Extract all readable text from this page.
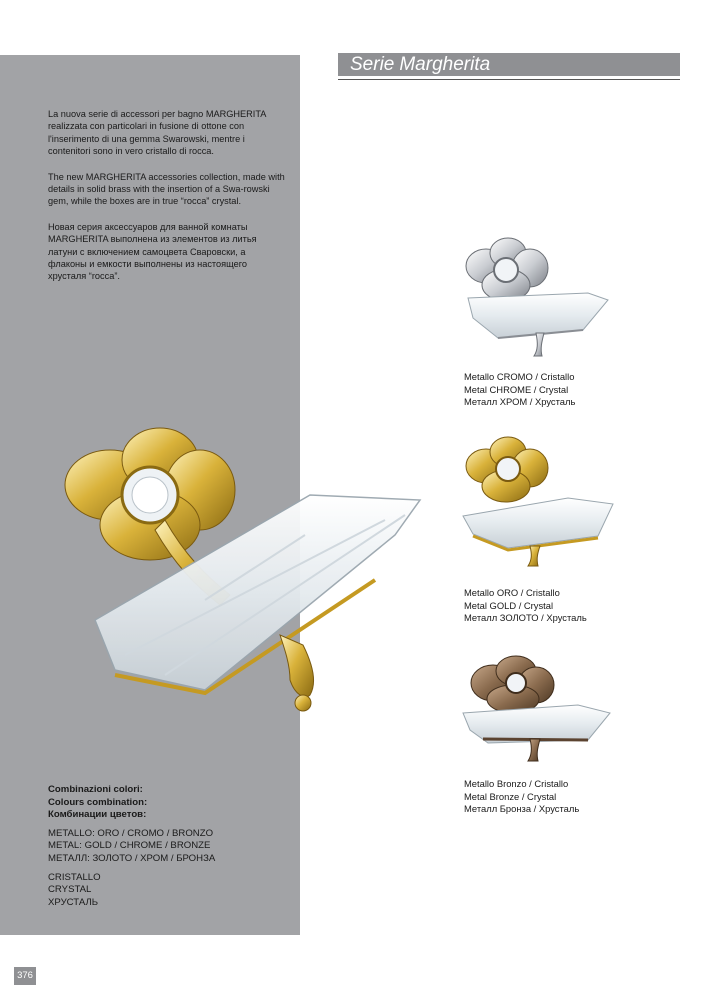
Serie Margherita

La nuova serie di accessori per bagno MARGHERITA realizzata con particolari in fusione di ottone con l'inserimento di una gemma Swarowski, mentre i contenitori sono in vero cristallo di rocca.

The new MARGHERITA accessories collection, made with details in solid brass with the insertion of a Swa-rowski gem, while the boxes are in true “rocca” crystal.

Новая серия аксессуаров для ванной комнаты MARGHERITA выполнена из элементов из литья латуни с включением самоцвета Сваровски, а флаконы и емкости выполнены из настоящего хрусталя “rocca”.

Metallo CROMO / Cristallo
Metal CHROME / Crystal
Металл ХРОМ / Хрусталь
Metallo ORO / Cristallo
Metal GOLD / Crystal
Металл ЗОЛОТО / Хрусталь
Metallo Bronzo / Cristallo
Metal Bronze / Crystal
Металл Бронза / Хрусталь
Combinazioni colori:
Colours combination:
Комбинации цветов:
METALLO: ORO / CROMO / BRONZO
METAL: GOLD / CHROME / BRONZE
МЕТАЛЛ: ЗОЛОТО / ХРОМ / БРОНЗА
CRISTALLO
CRYSTAL
ХРУСТАЛЬ
376
